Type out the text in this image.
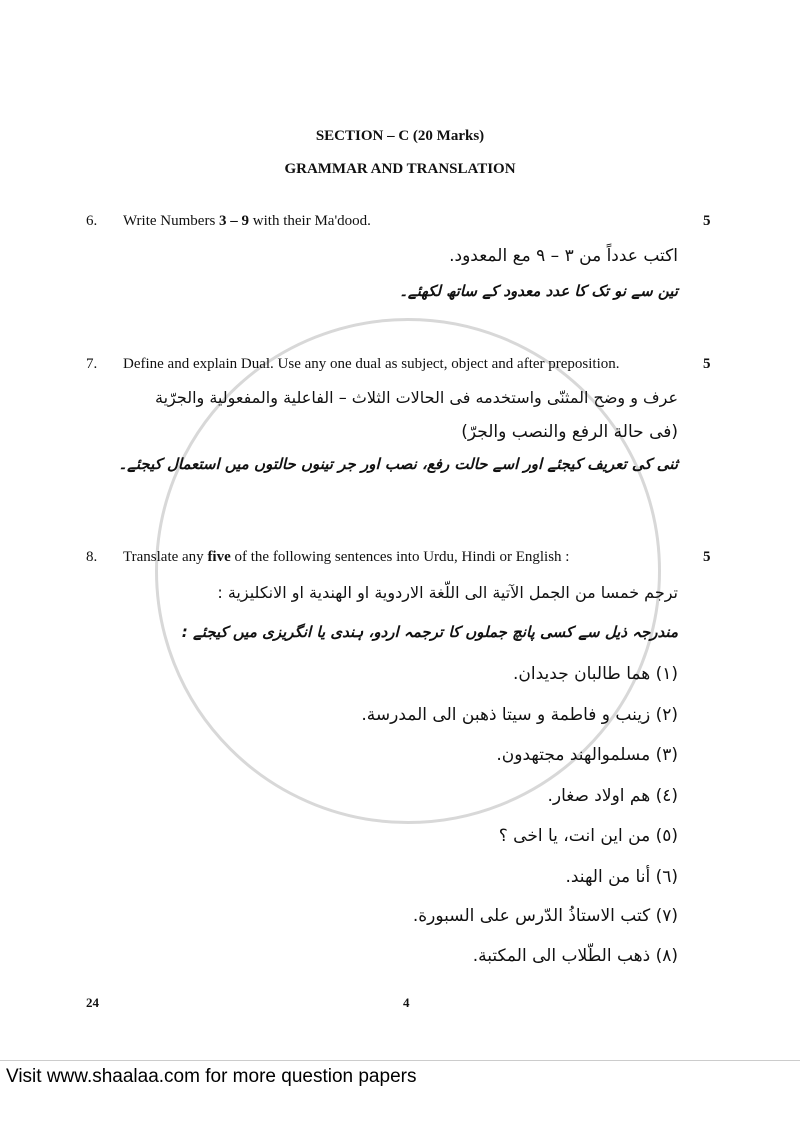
SECTION – C (20 Marks)
GRAMMAR AND TRANSLATION
6. Write Numbers 3 – 9 with their Ma'dood.	5
اکتب عدداً من ٣ – ٩ مع المعدود.
تین سے نو تک کا عدد معدود کے ساتھ لکھئے۔
7. Define and explain Dual. Use any one dual as subject, object and after preposition.	5
عرف و وضح المثنّى واستخدمه فى الحالات الثلاث – الفاعلية والمفعولية والجرّية
(فى حالة الرفع والنصب والجرّ)
ثنی کی تعریف کیجئے اور اسے حالت رفع، نصب اور جر تینوں حالتوں میں استعمال کیجئے۔
8. Translate any five of the following sentences into Urdu, Hindi or English :	5
ترجم خمسا من الجمل الآتية الى اللّغة الاردوية او الهندية او الانكليزية :
مندرجہ ذیل سے کسی پانچ جملوں کا ترجمہ اردو، ہندی یا انگریزی میں کیجئے :
(١) هما طالبان جديدان.
(٢) زينب و فاطمة و سيتا ذهبن الى المدرسة.
(٣) مسلموالهند مجتهدون.
(٤) هم اولاد صغار.
(٥) من اين انت، يا اخى ؟
(٦) أنا من الهند.
(٧) كتب الاستاذُ الدّرس على السبورة.
(٨) ذهب الطّلاب الى المكتبة.
24	4
Visit www.shaalaa.com for more question papers
